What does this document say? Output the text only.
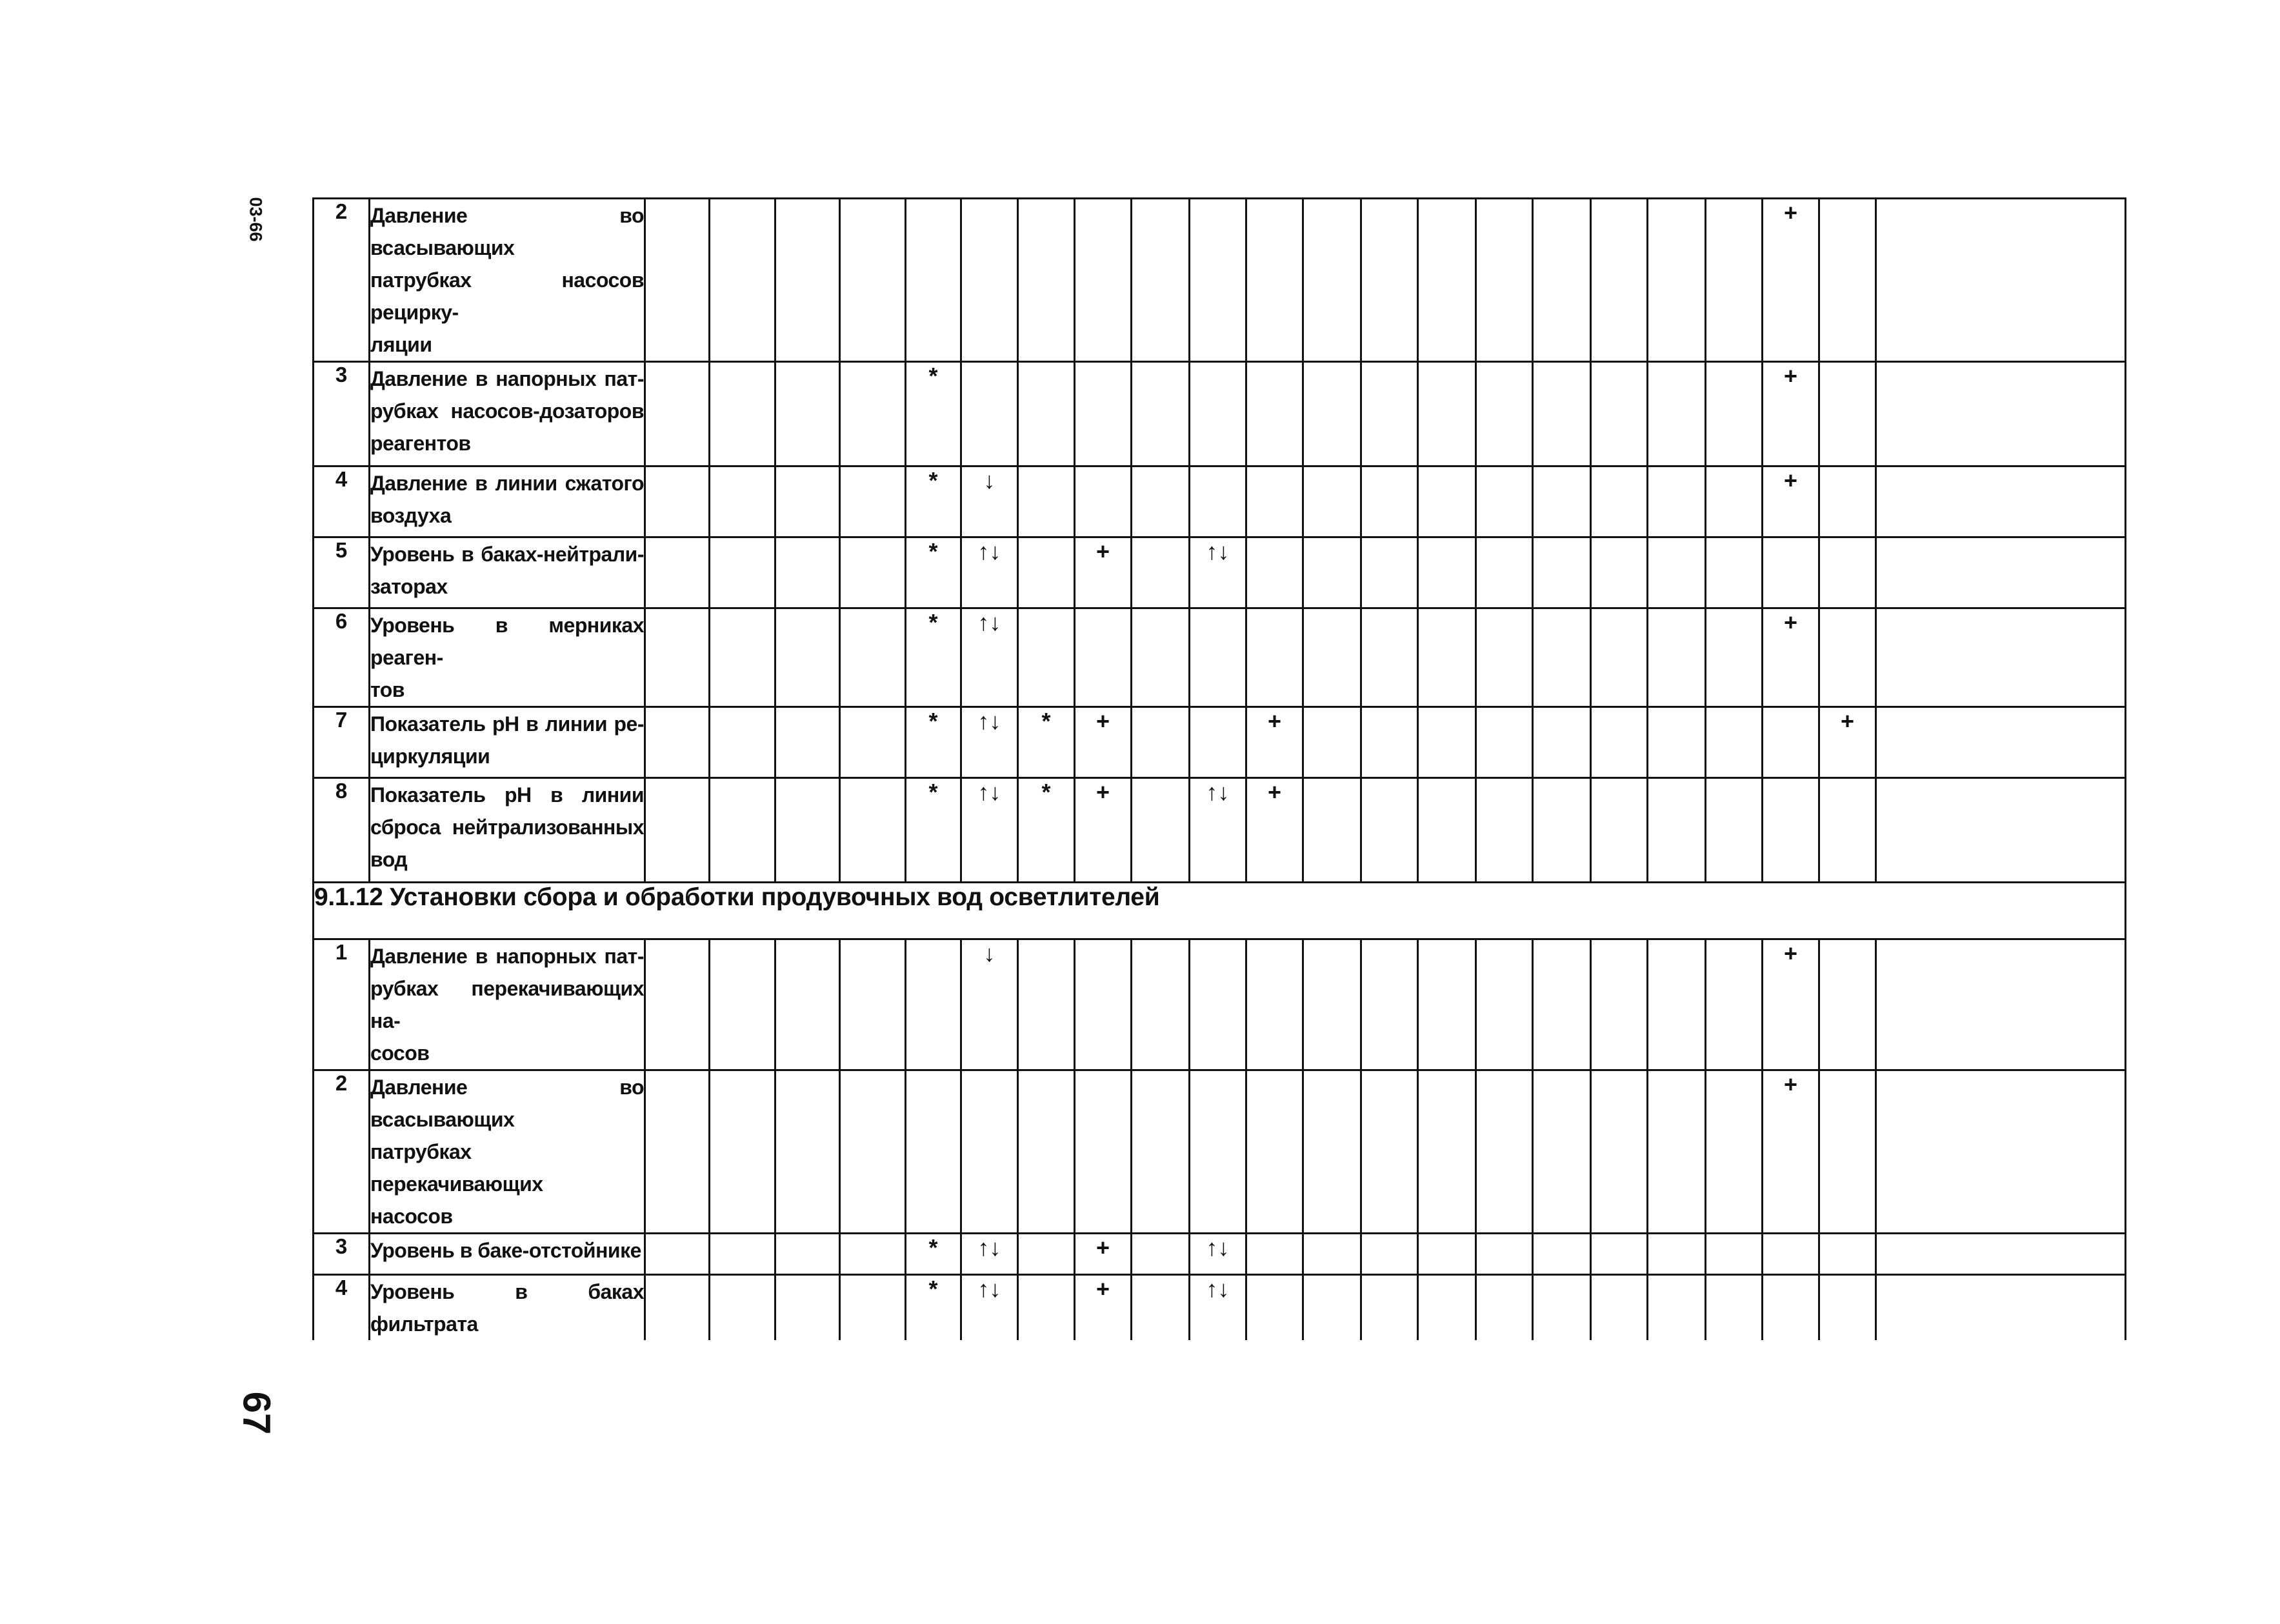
03-66
67
2	Давление во всасывающих
патрубках насосов рецирку-
ляции																				+		
3	Давление в напорных пат-
рубках насосов-дозаторов
реагентов					*															+		
4	Давление в линии сжатого
воздуха					*	↓														+		
5	Уровень в баках-нейтрали-
заторах					*	↑↓		+		↑↓												
6	Уровень в мерниках реаген-
тов					*	↑↓														+		
7	Показатель рН в линии ре-
циркуляции					*	↑↓	*	+			+										+	
8	Показатель рН в линии
сброса нейтрализованных
вод					*	↑↓	*	+		↑↓	+											
9.1.12 Установки сбора и обработки продувочных вод осветлителей																							
1	Давление в напорных пат-
рубках перекачивающих на-
сосов						↓														+		
2	Давление во всасывающих
патрубках перекачивающих
насосов																				+		
3	Уровень в баке-отстойнике					*	↑↓		+		↑↓												
4	Уровень в баках фильтрата					*	↑↓		+		↑↓												
